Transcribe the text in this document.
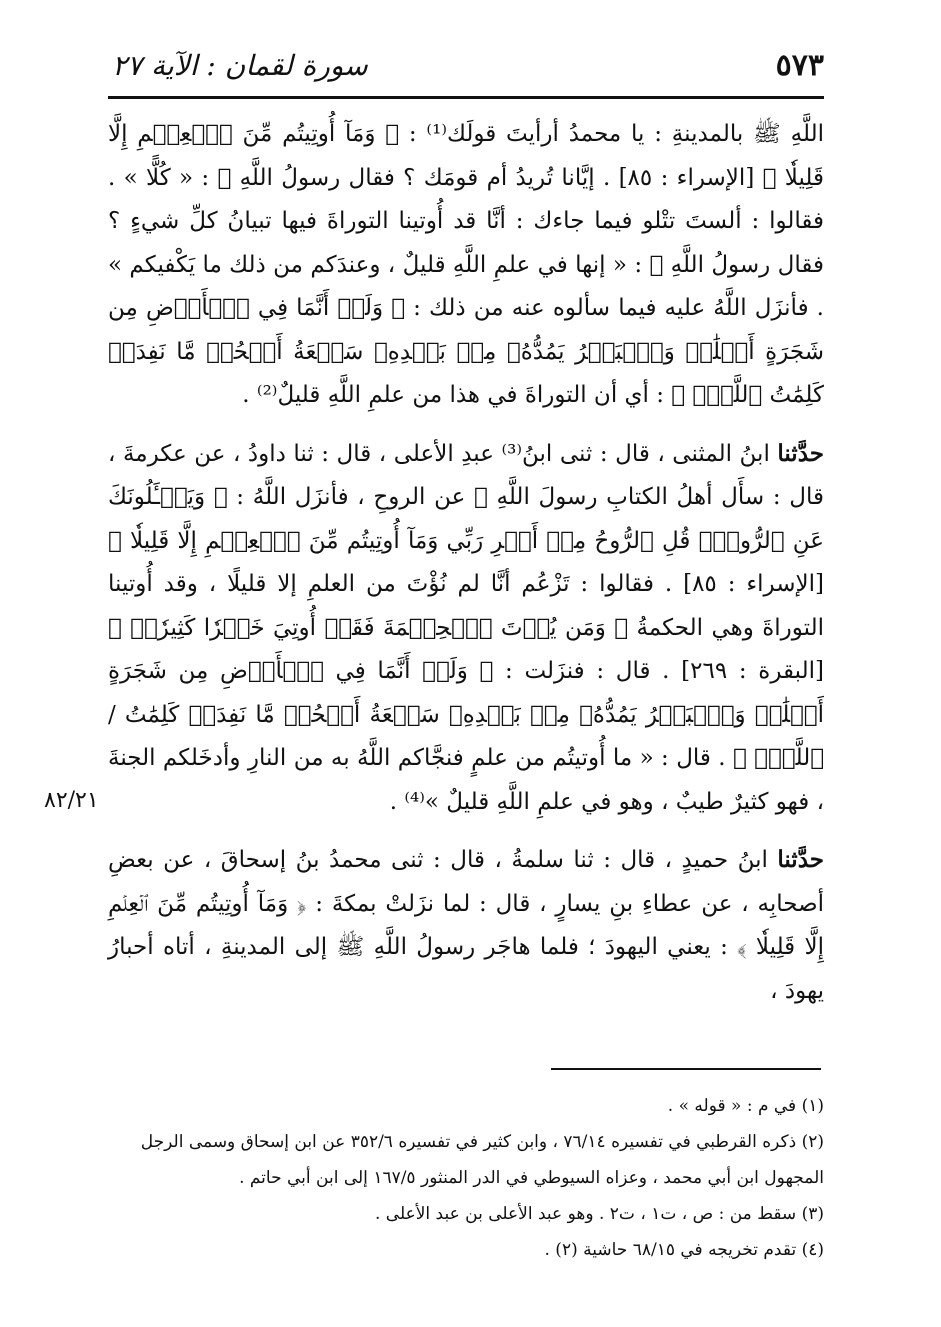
٥٧٣
سورة لقمان : الآية ٢٧

اللَّهِ ﷺ بالمدينةِ : يا محمدُ أرأيتَ قولَك⁽¹⁾ : ﴿ وَمَآ أُوتِيتُم مِّنَ ٱلۡعِلۡمِ إِلَّا قَلِيلٗا ﴾ [الإسراء : ٨٥] . إيَّانا تُريدُ أم قومَك ؟ فقال رسولُ اللَّهِ ﷺ : « كُلًّا » . فقالوا : ألستَ تتْلو فيما جاءك : أنَّا قد أُوتينا التوراةَ فيها تبيانُ كلِّ شيءٍ ؟ فقال رسولُ اللَّهِ ﷺ : « إنها في علمِ اللَّهِ قليلٌ ، وعندَكم من ذلك ما يَكْفيكم » . فأنزَل اللَّهُ عليه فيما سألوه عنه من ذلك : ﴿ وَلَوۡ أَنَّمَا فِي ٱلۡأَرۡضِ مِن شَجَرَةٍ أَقۡلَٰمٞ وَٱلۡبَحۡرُ يَمُدُّهُۥ مِنۢ بَعۡدِهِۦ سَبۡعَةُ أَبۡحُرٖ مَّا نَفِدَتۡ كَلِمَٰتُ ٱللَّهِۚ ﴾ : أي أن التوراةَ في هذا من علمِ اللَّهِ قليلٌ⁽²⁾ .

حدَّثنا ابنُ المثنى ، قال : ثنى ابنُ⁽³⁾ عبدِ الأعلى ، قال : ثنا داودُ ، عن عكرمةَ ، قال : سأَل أهلُ الكتابِ رسولَ اللَّهِ ﷺ عن الروحِ ، فأنزَل اللَّهُ : ﴿ وَيَسۡـَٔلُونَكَ عَنِ ٱلرُّوحِۖ قُلِ ٱلرُّوحُ مِنۡ أَمۡرِ رَبِّي وَمَآ أُوتِيتُم مِّنَ ٱلۡعِلۡمِ إِلَّا قَلِيلٗا ﴾ [الإسراء : ٨٥] . فقالوا : تَزْعُم أنَّا لم نُؤْتَ من العلمِ إلا قليلًا ، وقد أُوتينا التوراةَ وهي الحكمةُ ﴿ وَمَن يُؤۡتَ ٱلۡحِكۡمَةَ فَقَدۡ أُوتِيَ خَيۡرٗا كَثِيرٗاۗ ﴾ [البقرة : ٢٦٩] . قال : فنزَلت : ﴿ وَلَوۡ أَنَّمَا فِي ٱلۡأَرۡضِ مِن شَجَرَةٍ أَقۡلَٰمٞ وَٱلۡبَحۡرُ يَمُدُّهُۥ مِنۢ بَعۡدِهِۦ سَبۡعَةُ أَبۡحُرٖ مَّا نَفِدَتۡ كَلِمَٰتُ / ٱللَّهِۚ ﴾ . قال : « ما أُوتيتُم من علمٍ فنجَّاكم اللَّهُ به من النارِ وأدخَلكم الجنةَ ، فهو كثيرٌ طيبٌ ، وهو في علمِ اللَّهِ قليلٌ »⁽⁴⁾ .

حدَّثنا ابنُ حميدٍ ، قال : ثنا سلمةُ ، قال : ثنى محمدُ بنُ إسحاقَ ، عن بعضِ أصحابِه ، عن عطاءِ بنِ يسارٍ ، قال : لما نزَلتْ بمكةَ : ﴿ وَمَآ أُوتِيتُم مِّنَ ٱلۡعِلۡمِ إِلَّا قَلِيلٗا ﴾ : يعني اليهودَ ؛ فلما هاجَر رسولُ اللَّهِ ﷺ إلى المدينةِ ، أتاه أحبارُ يهودَ ،

٨٢/٢١

(١) في م : « قوله » .

(٢) ذكره القرطبي في تفسيره ٧٦/١٤ ، وابن كثير في تفسيره ٣٥٢/٦ عن ابن إسحاق وسمى الرجل المجهول ابن أبي محمد ، وعزاه السيوطي في الدر المنثور ١٦٧/٥ إلى ابن أبي حاتم .

(٣) سقط من : ص ، ت١ ، ت٢ . وهو عبد الأعلى بن عبد الأعلى .

(٤) تقدم تخريجه في ٦٨/١٥ حاشية (٢) .
